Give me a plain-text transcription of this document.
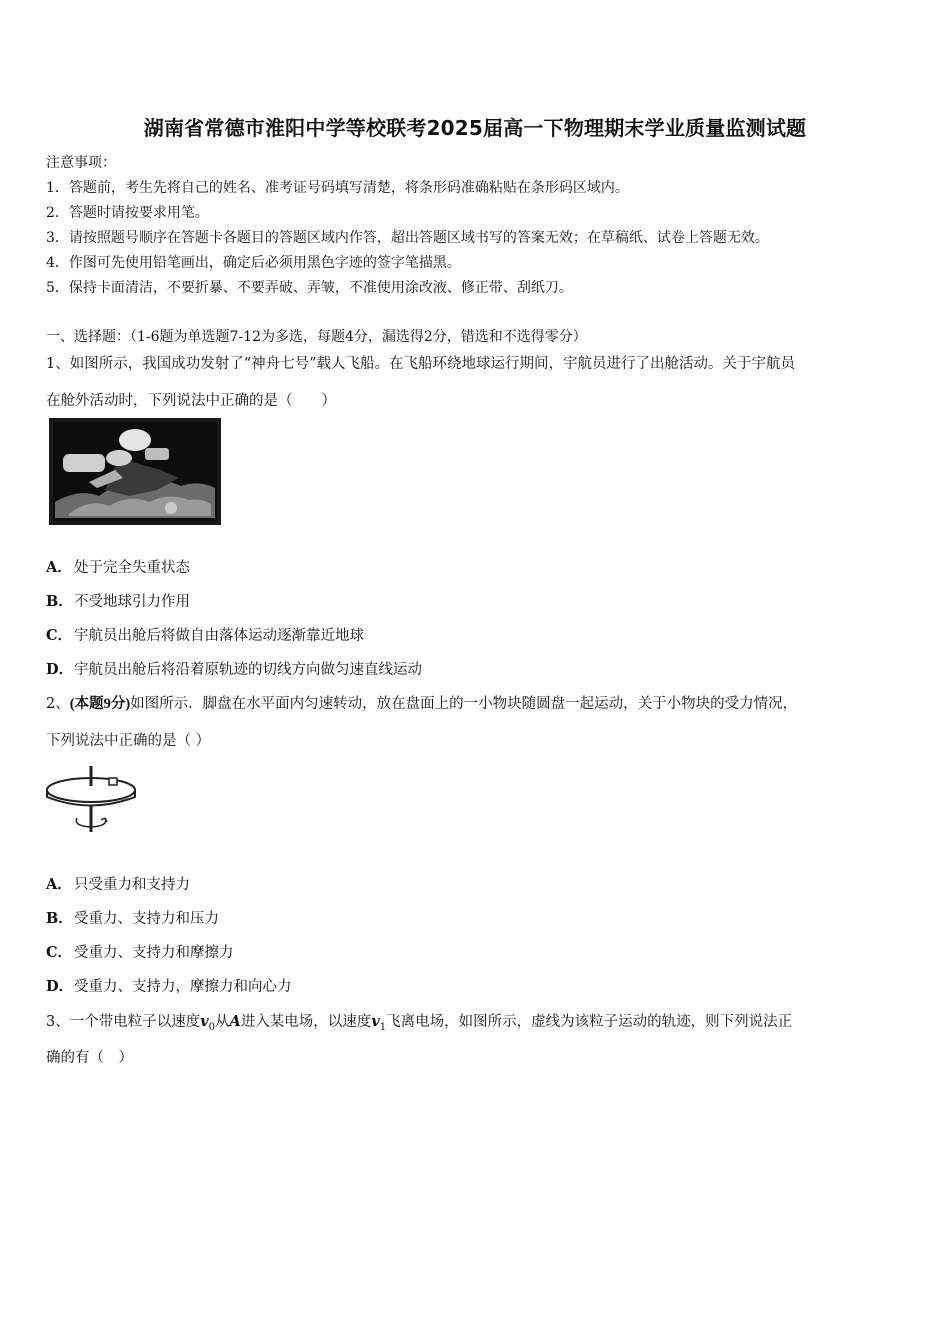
湖南省常德市淮阳中学等校联考2025届高一下物理期末学业质量监测试题
注意事项：
1．答题前，考生先将自己的姓名、准考证号码填写清楚，将条形码准确粘贴在条形码区域内。
2．答题时请按要求用笔。
3．请按照题号顺序在答题卡各题目的答题区域内作答，超出答题区域书写的答案无效；在草稿纸、试卷上答题无效。
4．作图可先使用铅笔画出，确定后必须用黑色字迹的签字笔描黑。
5．保持卡面清洁，不要折暴、不要弄破、弄皱，不准使用涂改液、修正带、刮纸刀。
一、选择题：（1-6题为单选题7-12为多选，每题4分，漏选得2分，错选和不选得零分）
1、如图所示，我国成功发射了“神舟七号”载人飞船。在飞船环绕地球运行期间，宇航员进行了出舱活动。关于宇航员
在舱外活动时，下列说法中正确的是（　　）
A． 处于完全失重状态
B．不受地球引力作用
C． 宇航员出舱后将做自由落体运动逐渐靠近地球
D．宇航员出舱后将沿着原轨迹的切线方向做匀速直线运动
2、(本题9分)如图所示．脚盘在水平面内匀速转动，放在盘面上的一小物块随圆盘一起运动，关于小物块的受力情况，
下列说法中正确的是（ ）
A． 只受重力和支持力
B．受重力、支持力和压力
C． 受重力、支持力和摩擦力
D．受重力、支持力，摩擦力和向心力
3、一个带电粒子以速度$v_0$从A进入某电场，以速度$v_1$飞离电场，如图所示，虚线为该粒子运动的轨迹，则下列说法正
确的有（　）
